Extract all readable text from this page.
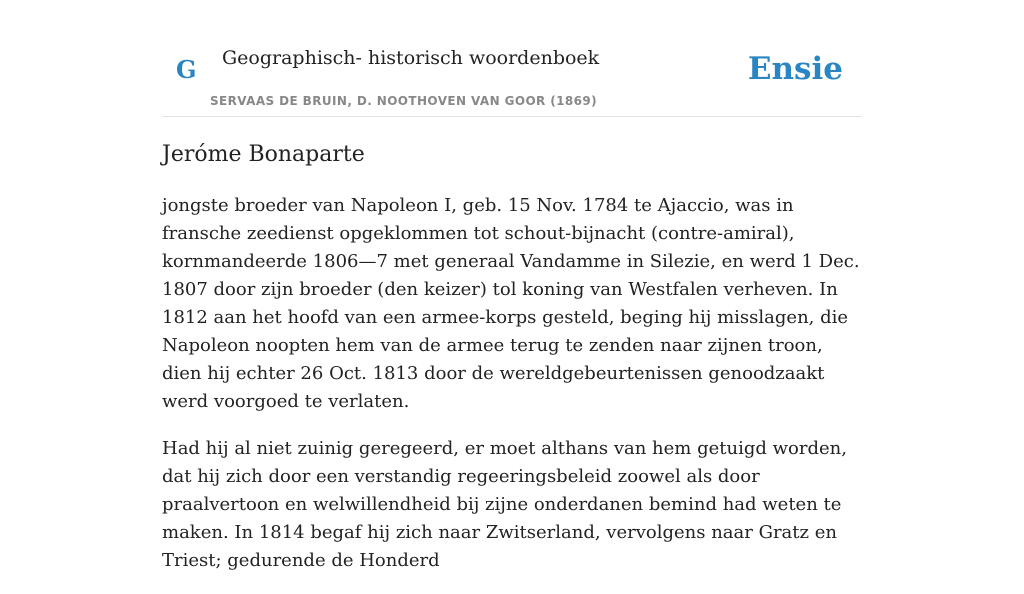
G Geographisch- historisch woordenboek
SERVAAS DE BRUIN, D. NOOTHOVEN VAN GOOR (1869)
Ensie
Jeróme Bonaparte

jongste broeder van Napoleon I, geb. 15 Nov. 1784 te Ajaccio, was in fransche zeedienst opgeklommen tot schout-bijnacht (contre-amiral), kornmandeerde 1806—7 met generaal Vandamme in Silezie, en werd 1 Dec. 1807 door zijn broeder (den keizer) tol koning van Westfalen verheven. In 1812 aan het hoofd van een armee-korps gesteld, beging hij misslagen, die Napoleon noopten hem van de armee terug te zenden naar zijnen troon, dien hij echter 26 Oct. 1813 door de wereldgebeurtenissen genoodzaakt werd voorgoed te verlaten.

Had hij al niet zuinig geregeerd, er moet althans van hem getuigd worden, dat hij zich door een verstandig regeeringsbeleid zoowel als door praalvertoon en welwillendheid bij zijne onderdanen bemind had weten te maken. In 1814 begaf hij zich naar Zwitserland, vervolgens naar Gratz en Triest; gedurende de Honderd
